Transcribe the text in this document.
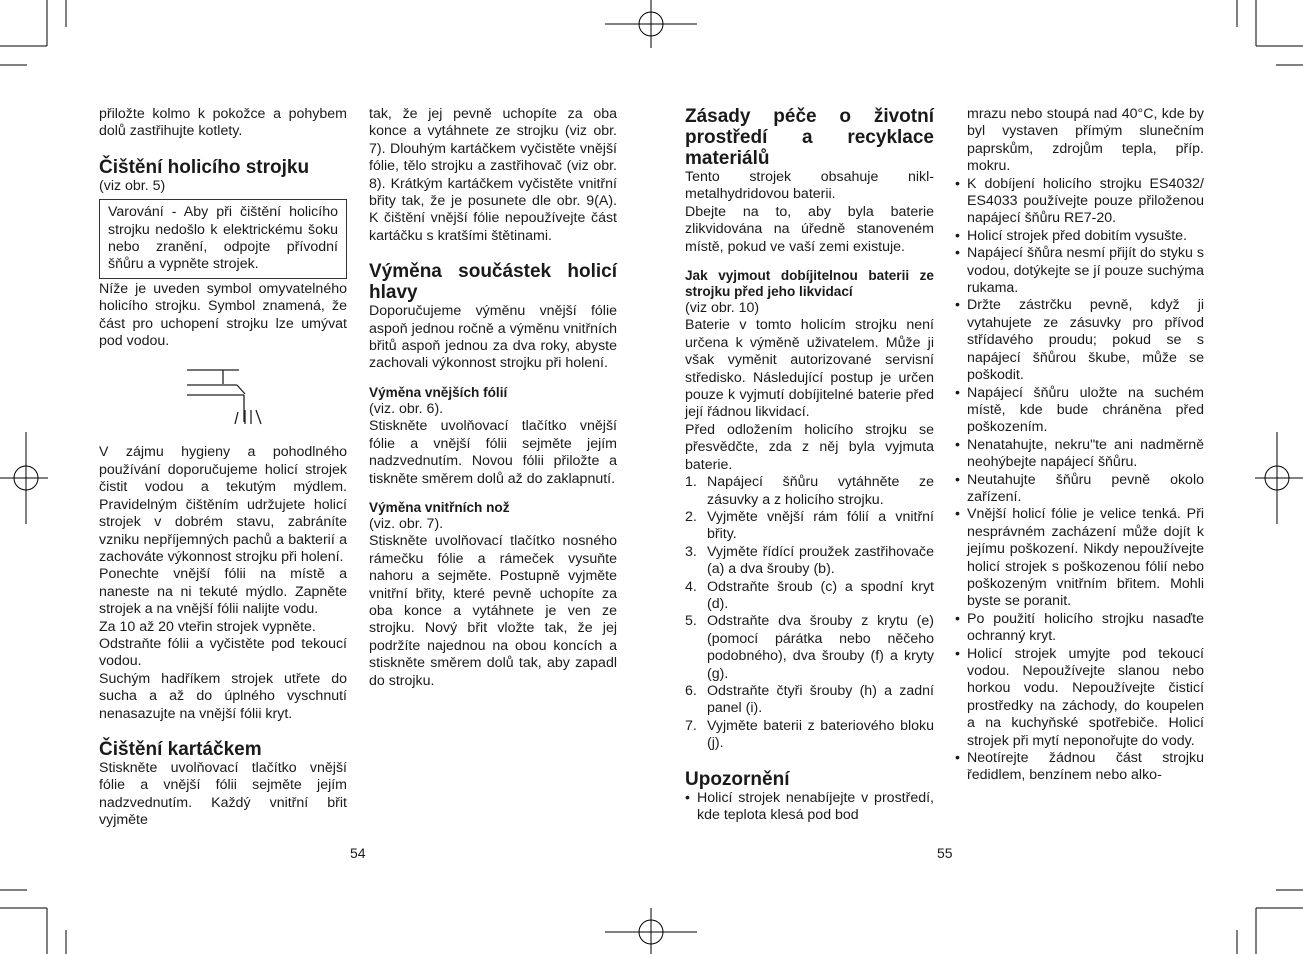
přiložte kolmo k pokožce a pohybem dolů zastřihujte kotlety.

Čištění holicího strojku

(viz obr. 5)

Varování - Aby při čištění holicího strojku nedošlo k elektrickému šoku nebo zranění, odpojte přívodní šňůru a vypněte strojek.

Níže je uveden symbol omyvatelného holicího strojku. Symbol znamená, že část pro uchopení strojku lze umývat pod vodou.

V zájmu hygieny a pohodlného používání doporučujeme holicí strojek čistit vodou a tekutým mýdlem. Pravidelným čištěním udržujete holicí strojek v dobrém stavu, zabráníte vzniku nepříjemných pachů a bakterií a zachováte výkonnost strojku při holení.

Ponechte vnější fólii na místě a naneste na ni tekuté mýdlo. Zapněte strojek a na vnější fólii nalijte vodu.

Za 10 až 20 vteřin strojek vypněte.

Odstraňte fólii a vyčistěte pod tekoucí vodou.

Suchým hadříkem strojek utřete do sucha a až do úplného vyschnutí nenasazujte na vnější fólii kryt.

Čištění kartáčkem

Stiskněte uvolňovací tlačítko vnější fólie a vnější fólii sejměte jejím nadzvednutím. Každý vnitřní břit vyjměte

tak, že jej pevně uchopíte za oba konce a vytáhnete ze strojku (viz obr. 7). Dlouhým kartáčkem vyčistěte vnější fólie, tělo strojku a zastřihovač (viz obr. 8). Krátkým kartáčkem vyčistěte vnitřní břity tak, že je posunete dle obr. 9(A). K čištění vnější fólie nepoužívejte část kartáčku s kratšími štětinami.

Výměna součástek holicí hlavy

Doporučujeme výměnu vnější fólie aspoň jednou ročně a výměnu vnitřních břitů aspoň jednou za dva roky, abyste zachovali výkonnost strojku při holení.

Výměna vnějších fólií

(viz. obr. 6).

Stiskněte uvolňovací tlačítko vnější fólie a vnější fólii sejměte jejím nadzvednutím. Novou fólii přiložte a tiskněte směrem dolů až do zaklapnutí.

Výměna vnitřních nož

(viz. obr. 7).

Stiskněte uvolňovací tlačítko nosného rámečku fólie a rámeček vysuňte nahoru a sejměte. Postupně vyjměte vnitřní břity, které pevně uchopíte za oba konce a vytáhnete je ven ze strojku. Nový břit vložte tak, že jej podržíte najednou na obou koncích a stiskněte směrem dolů tak, aby zapadl do strojku.

54

Zásady péče o životní prostředí a recyklace materiálů

Tento strojek obsahuje nikl-metalhydridovou baterii.

Dbejte na to, aby byla baterie zlikvidována na úředně stanoveném místě, pokud ve vaší zemi existuje.

Jak vyjmout dobíjitelnou baterii ze strojku před jeho likvidací

(viz obr. 10)

Baterie v tomto holicím strojku není určena k výměně uživatelem. Může ji však vyměnit autorizované servisní středisko. Následující postup je určen pouze k vyjmutí dobíjitelné baterie před její řádnou likvidací.

Před odložením holicího strojku se přesvědčte, zda z něj byla vyjmuta baterie.

1. Napájecí šňůru vytáhněte ze zásuvky a z holicího strojku.
2. Vyjměte vnější rám fólií a vnitřní břity.
3. Vyjměte řídící proužek zastřihovače (a) a dva šrouby (b).
4. Odstraňte šroub (c) a spodní kryt (d).
5. Odstraňte dva šrouby z krytu (e) (pomocí párátka nebo něčeho podobného), dva šrouby (f) a kryty (g).
6. Odstraňte čtyři šrouby (h) a zadní panel (i).
7. Vyjměte baterii z bateriového bloku (j).

Upozornění

• Holicí strojek nenabíjejte v prostředí, kde teplota klesá pod bod
mrazu nebo stoupá nad 40°C, kde by byl vystaven přímým slunečním paprskům, zdrojům tepla, příp. mokru.
• K dobíjení holicího strojku ES4032/ ES4033 používejte pouze přiloženou napájecí šňůru RE7-20.
• Holicí strojek před dobitím vysušte.
• Napájecí šňůra nesmí přijít do styku s vodou, dotýkejte se jí pouze suchýma rukama.
• Držte zástrčku pevně, když ji vytahujete ze zásuvky pro přívod střídavého proudu; pokud se s napájecí šňůrou škube, může se poškodit.
• Napájecí šňůru uložte na suchém místě, kde bude chráněna před poškozením.
• Nenatahujte, nekru"te ani nadměrně neohýbejte napájecí šňůru.
• Neutahujte šňůru pevně okolo zařízení.
• Vnější holicí fólie je velice tenká. Při nesprávném zacházení může dojít k jejímu poškození. Nikdy nepoužívejte holicí strojek s poškozenou fólií nebo poškozeným vnitřním břitem. Mohli byste se poranit.
• Po použití holicího strojku nasaďte ochranný kryt.
• Holicí strojek umyjte pod tekoucí vodou. Nepoužívejte slanou nebo horkou vodu. Nepoužívejte čisticí prostředky na záchody, do koupelen a na kuchyňské spotřebiče. Holicí strojek při mytí neponořujte do vody.
• Neotírejte žádnou část strojku ředidlem, benzínem nebo alko-
55
